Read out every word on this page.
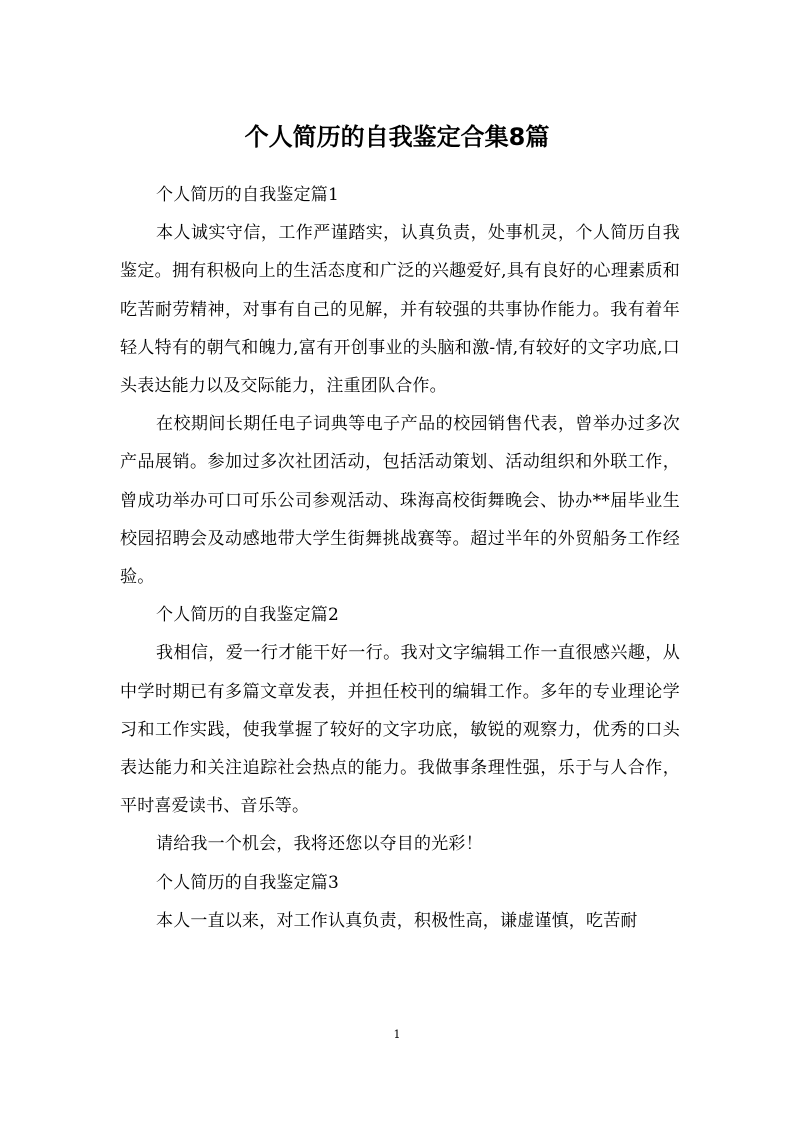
个人简历的自我鉴定合集8篇

个人简历的自我鉴定篇1

本人诚实守信，工作严谨踏实，认真负责，处事机灵，个人简历自我鉴定。拥有积极向上的生活态度和广泛的兴趣爱好,具有良好的心理素质和吃苦耐劳精神，对事有自己的见解，并有较强的共事协作能力。我有着年轻人特有的朝气和魄力,富有开创事业的头脑和激-情,有较好的文字功底,口头表达能力以及交际能力，注重团队合作。

在校期间长期任电子词典等电子产品的校园销售代表，曾举办过多次产品展销。参加过多次社团活动，包括活动策划、活动组织和外联工作，曾成功举办可口可乐公司参观活动、珠海高校街舞晚会、协办**届毕业生校园招聘会及动感地带大学生街舞挑战赛等。超过半年的外贸船务工作经验。

个人简历的自我鉴定篇2

我相信，爱一行才能干好一行。我对文字编辑工作一直很感兴趣，从中学时期已有多篇文章发表，并担任校刊的编辑工作。多年的专业理论学习和工作实践，使我掌握了较好的文字功底，敏锐的观察力，优秀的口头表达能力和关注追踪社会热点的能力。我做事条理性强，乐于与人合作，平时喜爱读书、音乐等。

请给我一个机会，我将还您以夺目的光彩！

个人简历的自我鉴定篇3

本人一直以来，对工作认真负责，积极性高，谦虚谨慎，吃苦耐

1
